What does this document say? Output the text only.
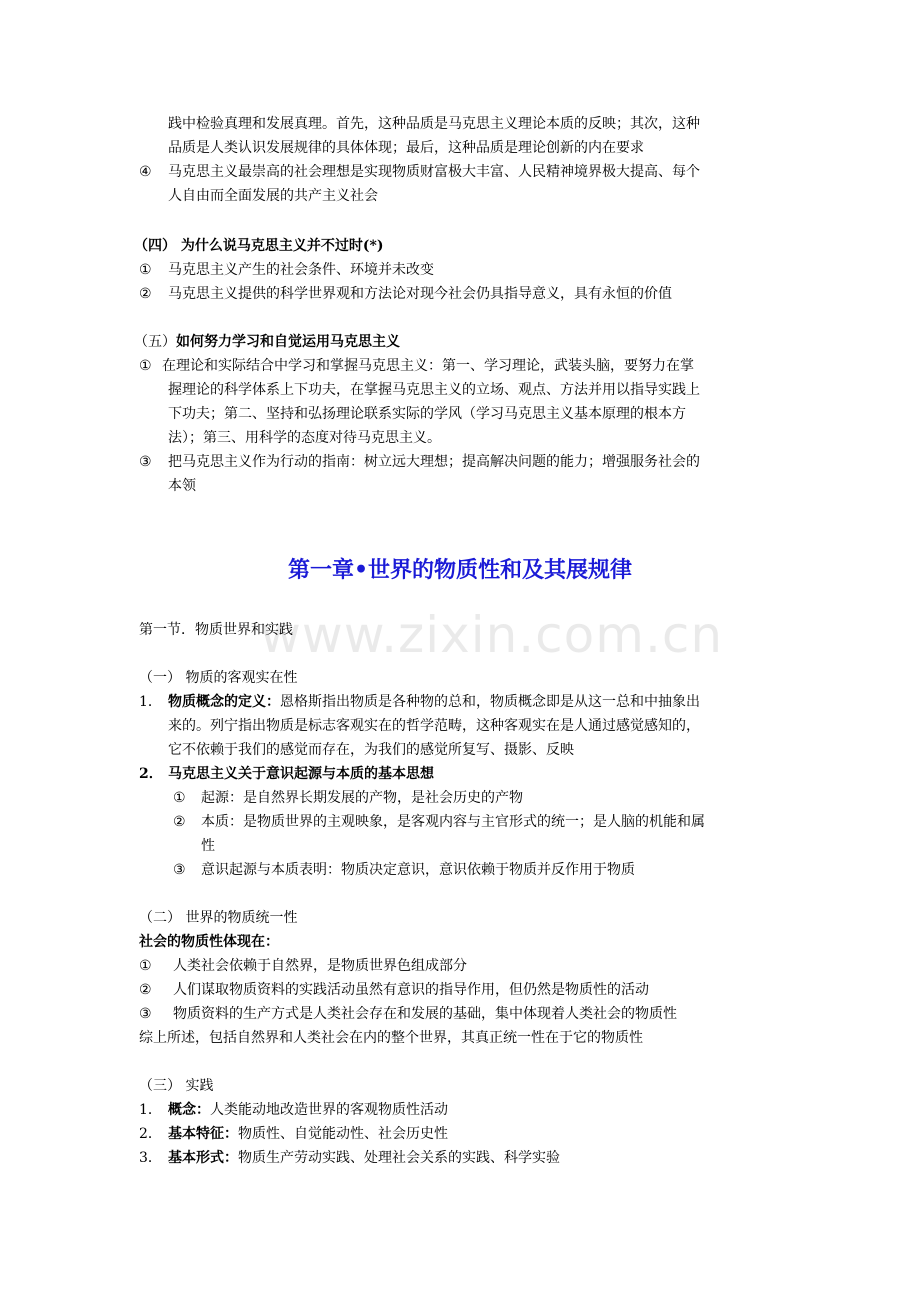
践中检验真理和发展真理。首先，这种品质是马克思主义理论本质的反映；其次，这种
品质是人类认识发展规律的具体体现；最后，这种品质是理论创新的内在要求
④ 马克思主义最崇高的社会理想是实现物质财富极大丰富、人民精神境界极大提高、每个
人自由而全面发展的共产主义社会
（四） 为什么说马克思主义并不过时(*)
① 马克思主义产生的社会条件、环境并未改变
② 马克思主义提供的科学世界观和方法论对现今社会仍具指导意义，具有永恒的价值
（五） 如何努力学习和自觉运用马克思主义
① 在理论和实际结合中学习和掌握马克思主义：第一、学习理论，武装头脑，要努力在掌
握理论的科学体系上下功夫，在掌握马克思主义的立场、观点、方法并用以指导实践上
下功夫；第二、坚持和弘扬理论联系实际的学风（学习马克思主义基本原理的根本方
法）；第三、用科学的态度对待马克思主义。
③ 把马克思主义作为行动的指南：树立远大理想；提高解决问题的能力；增强服务社会的
本领
第一章•世界的物质性和及其展规律
www.zixin.com.cn
第一节．物质世界和实践
（一） 物质的客观实在性
1． 物质概念的定义：恩格斯指出物质是各种物的总和，物质概念即是从这一总和中抽象出
来的。列宁指出物质是标志客观实在的哲学范畴，这种客观实在是人通过感觉感知的，
它不依赖于我们的感觉而存在，为我们的感觉所复写、摄影、反映
2． 马克思主义关于意识起源与本质的基本思想
① 起源：是自然界长期发展的产物，是社会历史的产物
② 本质：是物质世界的主观映象，是客观内容与主官形式的统一；是人脑的机能和属
性
③ 意识起源与本质表明：物质决定意识，意识依赖于物质并反作用于物质
（二） 世界的物质统一性
社会的物质性体现在：
① 人类社会依赖于自然界，是物质世界色组成部分
② 人们谋取物质资料的实践活动虽然有意识的指导作用，但仍然是物质性的活动
③ 物质资料的生产方式是人类社会存在和发展的基础，集中体现着人类社会的物质性
综上所述，包括自然界和人类社会在内的整个世界，其真正统一性在于它的物质性
（三） 实践
1． 概念：人类能动地改造世界的客观物质性活动
2． 基本特征：物质性、自觉能动性、社会历史性
3． 基本形式：物质生产劳动实践、处理社会关系的实践、科学实验
